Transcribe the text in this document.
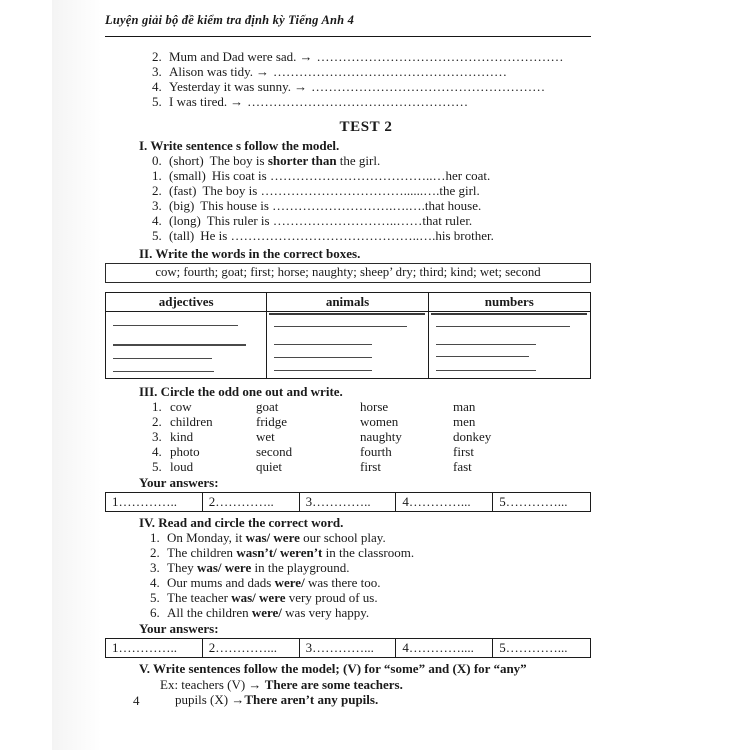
Luyện giải bộ đề kiểm tra định kỳ Tiếng Anh 4
2. Mum and Dad were sad. → …………………………………………………
3. Alison was tidy. → ………………………………………………
4. Yesterday it was sunny. → ………………………………………………
5. I was tired. → ……………………………………………
TEST 2
I. Write sentence s follow the model.
0. (short) The boy is shorter than the girl.
1. (small) His coat is ………………………………..…her coat.
2. (fast) The boy is ……………………………......….the girl.
3. (big) This house is ……………………….….….that house.
4. (long) This ruler is ………………………..……that ruler.
5. (tall) He is ……………………………………..….his brother.
II. Write the words in the correct boxes.
cow; fourth; goat; first; horse; naughty; sheep’ dry; third; kind; wet; second
adjectives	animals	numbers
III. Circle the odd one out and write.
1. cow	goat	horse	man
2. children	fridge	women	men
3. kind	wet	naughty	donkey
4. photo	second	fourth	first
5. loud	quiet	first	fast
Your answers:
1…………..	2…………..	3…………..	4…………...	5…………...
IV. Read and circle the correct word.
1. On Monday, it was/ were our school play.
2. The children wasn’t/ weren’t in the classroom.
3. They was/ were in the playground.
4. Our mums and dads were/ was there too.
5. The teacher was/ were very proud of us.
6. All the children were/ was very happy.
Your answers:
1…………..	2…………...	3…………...	4…………....	5…………...
V. Write sentences follow the model; (V) for “some” and (X) for “any”
Ex: teachers (V) → There are some teachers.
pupils (X) →There aren’t any pupils.
4
